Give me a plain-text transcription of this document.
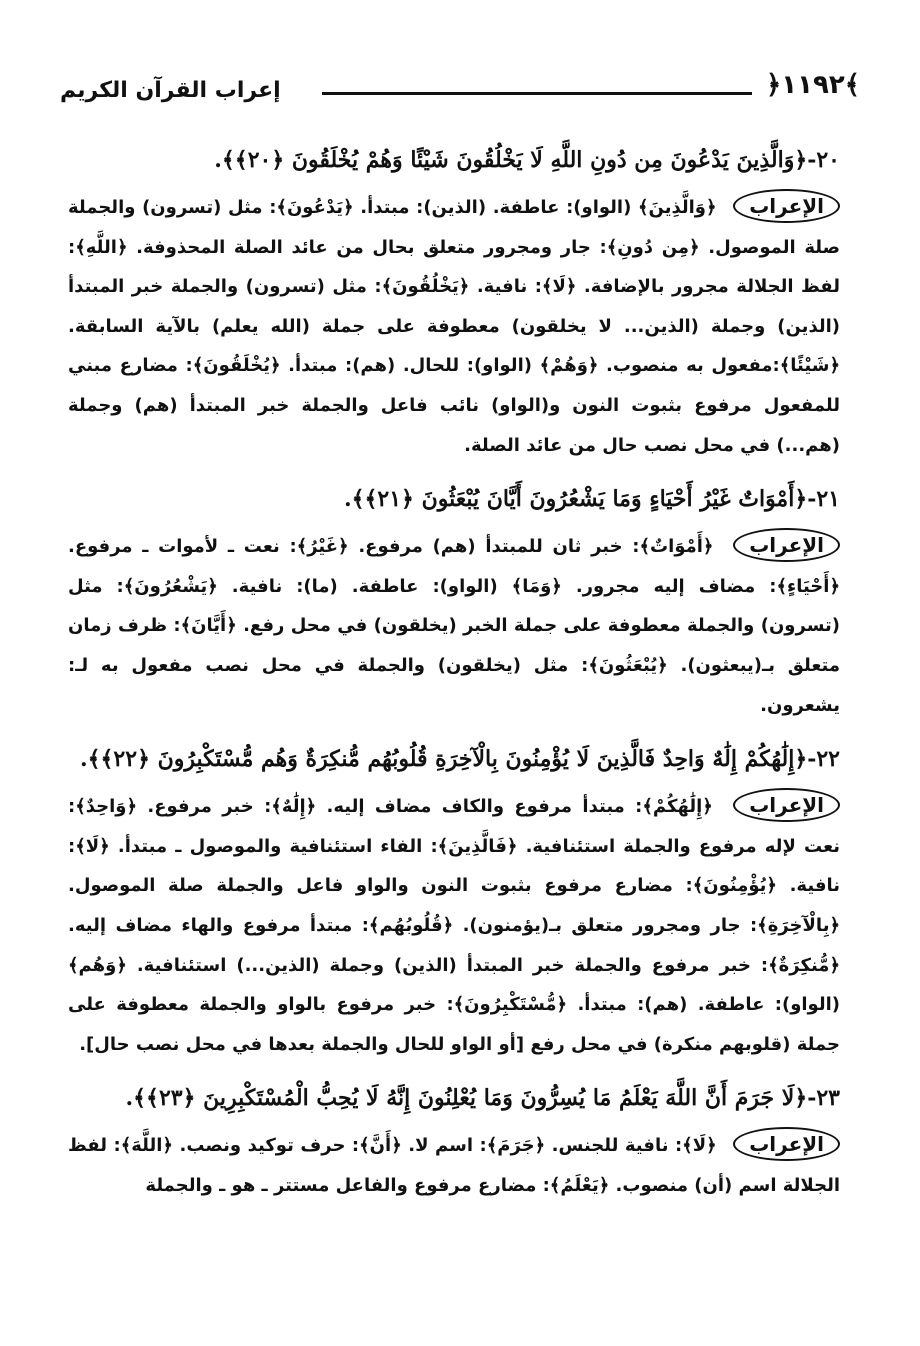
﴿١١٩٢﴾
إعراب القرآن الكريم
٢٠-﴿وَالَّذِينَ يَدْعُونَ مِن دُونِ اللَّهِ لَا يَخْلُقُونَ شَيْئًا وَهُمْ يُخْلَقُونَ ﴿٢٠﴾﴾.
الإعراب ﴿وَالَّذِينَ﴾ (الواو): عاطفة. (الذين): مبتدأ. ﴿يَدْعُونَ﴾: مثل (تسرون) والجملة صلة الموصول. ﴿مِن دُونِ﴾: جار ومجرور متعلق بحال من عائد الصلة المحذوفة. ﴿اللَّهِ﴾: لفظ الجلالة مجرور بالإضافة. ﴿لَا﴾: نافية. ﴿يَخْلُقُونَ﴾: مثل (تسرون) والجملة خبر المبتدأ (الذين) وجملة (الذين... لا يخلقون) معطوفة على جملة (الله يعلم) بالآية السابقة. ﴿شَيْئًا﴾:مفعول به منصوب. ﴿وَهُمْ﴾ (الواو): للحال. (هم): مبتدأ. ﴿يُخْلَقُونَ﴾: مضارع مبني للمفعول مرفوع بثبوت النون و(الواو) نائب فاعل والجملة خبر المبتدأ (هم) وجملة (هم...) في محل نصب حال من عائد الصلة.
٢١-﴿أَمْوَاتٌ غَيْرُ أَحْيَاءٍ وَمَا يَشْعُرُونَ أَيَّانَ يُبْعَثُونَ ﴿٢١﴾﴾.
الإعراب ﴿أَمْوَاتٌ﴾: خبر ثان للمبتدأ (هم) مرفوع. ﴿غَيْرُ﴾: نعت ـ لأموات ـ مرفوع. ﴿أَحْيَاءٍ﴾: مضاف إليه مجرور. ﴿وَمَا﴾ (الواو): عاطفة. (ما): نافية. ﴿يَشْعُرُونَ﴾: مثل (تسرون) والجملة معطوفة على جملة الخبر (يخلقون) في محل رفع. ﴿أَيَّانَ﴾: ظرف زمان متعلق بـ(يبعثون). ﴿يُبْعَثُونَ﴾: مثل (يخلقون) والجملة في محل نصب مفعول به لـ: يشعرون.
٢٢-﴿إِلَٰهُكُمْ إِلَٰهٌ وَاحِدٌ فَالَّذِينَ لَا يُؤْمِنُونَ بِالْآخِرَةِ قُلُوبُهُم مُّنكِرَةٌ وَهُم مُّسْتَكْبِرُونَ ﴿٢٢﴾﴾.
الإعراب ﴿إِلَٰهُكُمْ﴾: مبتدأ مرفوع والكاف مضاف إليه. ﴿إِلَٰهٌ﴾: خبر مرفوع. ﴿وَاحِدٌ﴾: نعت لإله مرفوع والجملة استئنافية. ﴿فَالَّذِينَ﴾: الفاء استئنافية والموصول ـ مبتدأ. ﴿لَا﴾: نافية. ﴿يُؤْمِنُونَ﴾: مضارع مرفوع بثبوت النون والواو فاعل والجملة صلة الموصول. ﴿بِالْآخِرَةِ﴾: جار ومجرور متعلق بـ(يؤمنون). ﴿قُلُوبُهُم﴾: مبتدأ مرفوع والهاء مضاف إليه. ﴿مُّنكِرَةٌ﴾: خبر مرفوع والجملة خبر المبتدأ (الذين) وجملة (الذين...) استئنافية. ﴿وَهُم﴾ (الواو): عاطفة. (هم): مبتدأ. ﴿مُّسْتَكْبِرُونَ﴾: خبر مرفوع بالواو والجملة معطوفة على جملة (قلوبهم منكرة) في محل رفع [أو الواو للحال والجملة بعدها في محل نصب حال].
٢٣-﴿لَا جَرَمَ أَنَّ اللَّهَ يَعْلَمُ مَا يُسِرُّونَ وَمَا يُعْلِنُونَ إِنَّهُ لَا يُحِبُّ الْمُسْتَكْبِرِينَ ﴿٢٣﴾﴾.
الإعراب ﴿لَا﴾: نافية للجنس. ﴿جَرَمَ﴾: اسم لا. ﴿أَنَّ﴾: حرف توكيد ونصب. ﴿اللَّهَ﴾: لفظ الجلالة اسم (أن) منصوب. ﴿يَعْلَمُ﴾: مضارع مرفوع والفاعل مستتر ـ هو ـ والجملة
